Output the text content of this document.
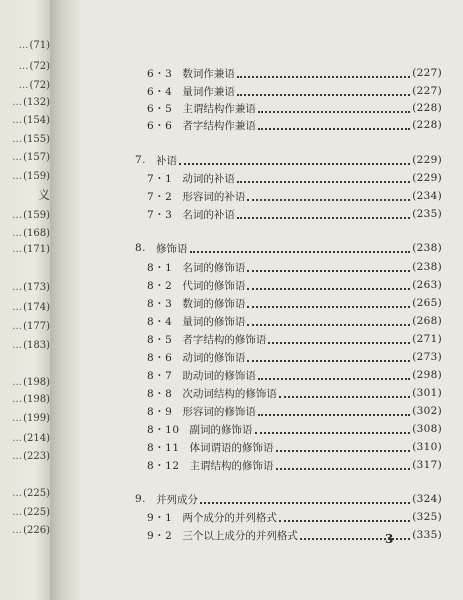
…(71)
…(72)
…(72)
…(132)
…(154)
…(155)
…(157)
…(159)
义
…(159)
…(168)
…(171)
…(173)
…(174)
…(177)
…(183)
…(198)
…(198)
…(199)
…(214)
…(223)
…(225)
…(225)
…(226)
6・3 数词作兼语	(227)
6・4 量词作兼语	(227)
6・5 主谓结构作兼语	(228)
6・6 者字结构作兼语	(228)
7. 补语	(229)
7・1 动词的补语	(229)
7・2 形容词的补语	(234)
7・3 名词的补语	(235)
8. 修饰语	(238)
8・1 名词的修饰语	(238)
8・2 代词的修饰语	(263)
8・3 数词的修饰语	(265)
8・4 量词的修饰语	(268)
8・5 者字结构的修饰语	(271)
8・6 动词的修饰语	(273)
8・7 助动词的修饰语	(298)
8・8 次动词结构的修饰语	(301)
8・9 形容词的修饰语	(302)
8・10 副词的修饰语	(308)
8・11 体词谓语的修饰语	(310)
8・12 主谓结构的修饰语	(317)
9. 并列成分	(324)
9・1 两个成分的并列格式	(325)
9・2 三个以上成分的并列格式	(335)
3
